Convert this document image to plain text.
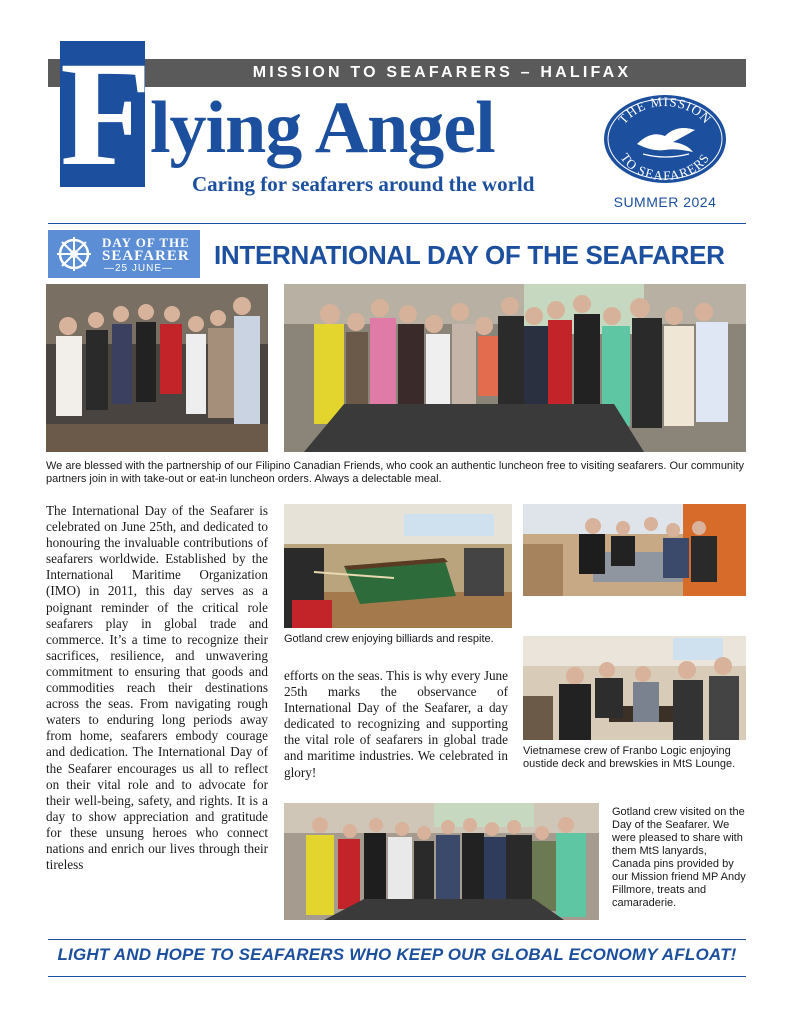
MISSION TO SEAFARERS – HALIFAX
F
lying Angel
Caring for seafarers around the world
THE MISSION
TO SEAFARERS
SUMMER 2024
DAY OF THE
SEAFARER
—25 JUNE— INTERNATIONAL DAY OF THE SEAFARER
We are blessed with the partnership of our Filipino Canadian Friends, who cook an authentic luncheon free to visiting seafarers. Our community partners join in with take-out or eat-in luncheon orders. Always a delectable meal.
The International Day of the Seafarer is celebrated on June 25th, and dedicated to honouring the invaluable contributions of seafarers worldwide. Established by the International Maritime Organization (IMO) in 2011, this day serves as a poignant reminder of the critical role seafarers play in global trade and commerce. It’s a time to recognize their sacrifices, resilience, and unwavering commitment to ensuring that goods and commodities reach their destinations across the seas. From navigating rough waters to enduring long periods away from home, seafarers embody courage and dedication. The International Day of the Seafarer encourages us all to reflect on their vital role and to advocate for their well-being, safety, and rights. It is a day to show appreciation and gratitude for these unsung heroes who connect nations and enrich our lives through their tireless
Gotland crew enjoying billiards and respite.
efforts on the seas. This is why every June 25th marks the observance of International Day of the Seafarer, a day dedicated to recognizing and supporting the vital role of seafarers in global trade and maritime industries. We celebrated in glory!
Vietnamese crew of Franbo Logic enjoying oustide deck and brewskies in MtS Lounge.
Gotland crew visited on the Day of the Seafarer. We were pleased to share with them MtS lanyards, Canada pins provided by our Mission friend MP Andy Fillmore, treats and camaraderie.
LIGHT AND HOPE TO SEAFARERS WHO KEEP OUR GLOBAL ECONOMY AFLOAT!
